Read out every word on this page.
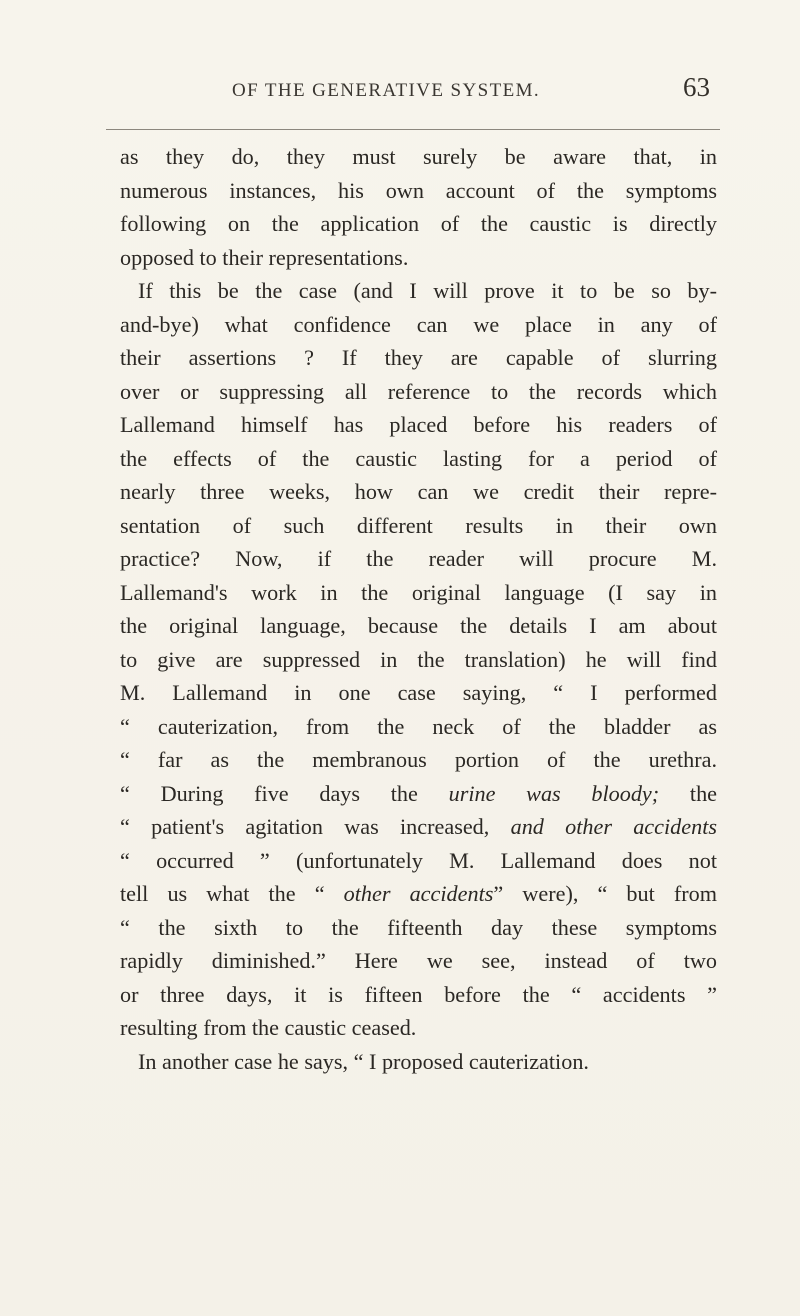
OF THE GENERATIVE SYSTEM.	63
as they do, they must surely be aware that, in
numerous instances, his own account of the symptoms
following on the application of the caustic is directly
opposed to their representations.
If this be the case (and I will prove it to be so by-
and-bye) what confidence can we place in any of
their assertions ? If they are capable of slurring
over or suppressing all reference to the records which
Lallemand himself has placed before his readers of
the effects of the caustic lasting for a period of
nearly three weeks, how can we credit their repre-
sentation of such different results in their own
practice? Now, if the reader will procure M.
Lallemand's work in the original language (I say in
the original language, because the details I am about
to give are suppressed in the translation) he will find
M. Lallemand in one case saying, “ I performed
“ cauterization, from the neck of the bladder as
“ far as the membranous portion of the urethra.
“ During five days the urine was bloody; the
“ patient's agitation was increased, and other accidents
“ occurred ” (unfortunately M. Lallemand does not
tell us what the “ other accidents” were), “ but from
“ the sixth to the fifteenth day these symptoms
rapidly diminished.” Here we see, instead of two
or three days, it is fifteen before the “ accidents ”
resulting from the caustic ceased.
In another case he says, “ I proposed cauterization.
